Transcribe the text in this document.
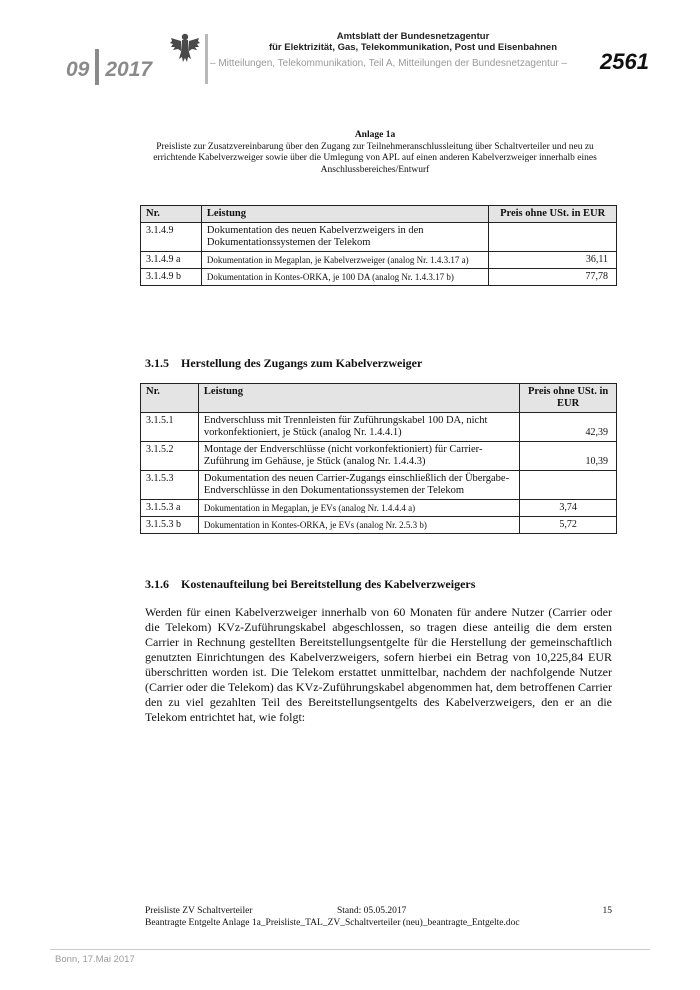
09 2017
Amtsblatt der Bundesnetzagentur
für Elektrizität, Gas, Telekommunikation, Post und Eisenbahnen
– Mitteilungen, Telekommunikation, Teil A, Mitteilungen der Bundesnetzagentur – 2561
Anlage 1a
Preisliste zur Zusatzvereinbarung über den Zugang zur Teilnehmeranschlussleitung über Schaltverteiler und neu zu errichtende Kabelverzweiger sowie über die Umlegung von APL auf einen anderen Kabelverzweiger innerhalb eines Anschlussbereiches/Entwurf
Nr.	Leistung	Preis ohne USt. in EUR
3.1.4.9	Dokumentation des neuen Kabelverzweigers in den Dokumentationssystemen der Telekom	
3.1.4.9 a	Dokumentation in Megaplan, je Kabelverzweiger (analog Nr. 1.4.3.17 a)	36,11
3.1.4.9 b	Dokumentation in Kontes-ORKA, je 100 DA (analog Nr. 1.4.3.17 b)	77,78
3.1.5 Herstellung des Zugangs zum Kabelverzweiger
Nr.	Leistung	Preis ohne USt. in EUR
3.1.5.1	Endverschluss mit Trennleisten für Zuführungskabel 100 DA, nicht vorkonfektioniert, je Stück (analog Nr. 1.4.4.1)	42,39
3.1.5.2	Montage der Endverschlüsse (nicht vorkonfektioniert) für Carrier-Zuführung im Gehäuse, je Stück (analog Nr. 1.4.4.3)	10,39
3.1.5.3	Dokumentation des neuen Carrier-Zugangs einschließlich der Übergabe-Endverschlüsse in den Dokumentationssystemen der Telekom	
3.1.5.3 a	Dokumentation in Megaplan, je EVs (analog Nr. 1.4.4.4 a)	3,74
3.1.5.3 b	Dokumentation in Kontes-ORKA, je EVs (analog Nr. 2.5.3 b)	5,72
3.1.6 Kostenaufteilung bei Bereitstellung des Kabelverzweigers

Werden für einen Kabelverzweiger innerhalb von 60 Monaten für andere Nutzer (Carrier oder die Telekom) KVz-Zuführungskabel abgeschlossen, so tragen diese anteilig die dem ersten Carrier in Rechnung gestellten Bereitstellungsentgelte für die Herstellung der gemeinschaftlich genutzten Einrichtungen des Kabelverzweigers, sofern hierbei ein Betrag von 10,225,84 EUR überschritten worden ist. Die Telekom erstattet unmittelbar, nachdem der nachfolgende Nutzer (Carrier oder die Telekom) das KVz-Zuführungskabel abgenommen hat, dem betroffenen Carrier den zu viel gezahlten Teil des Bereitstellungsentgelts des Kabelverzweigers, den er an die Telekom entrichtet hat, wie folgt:

Preisliste ZV Schaltverteiler	Stand: 05.05.2017	15
Beantragte Entgelte Anlage 1a_Preisliste_TAL_ZV_Schaltverteiler (neu)_beantragte_Entgelte.doc
Bonn, 17.Mai 2017
